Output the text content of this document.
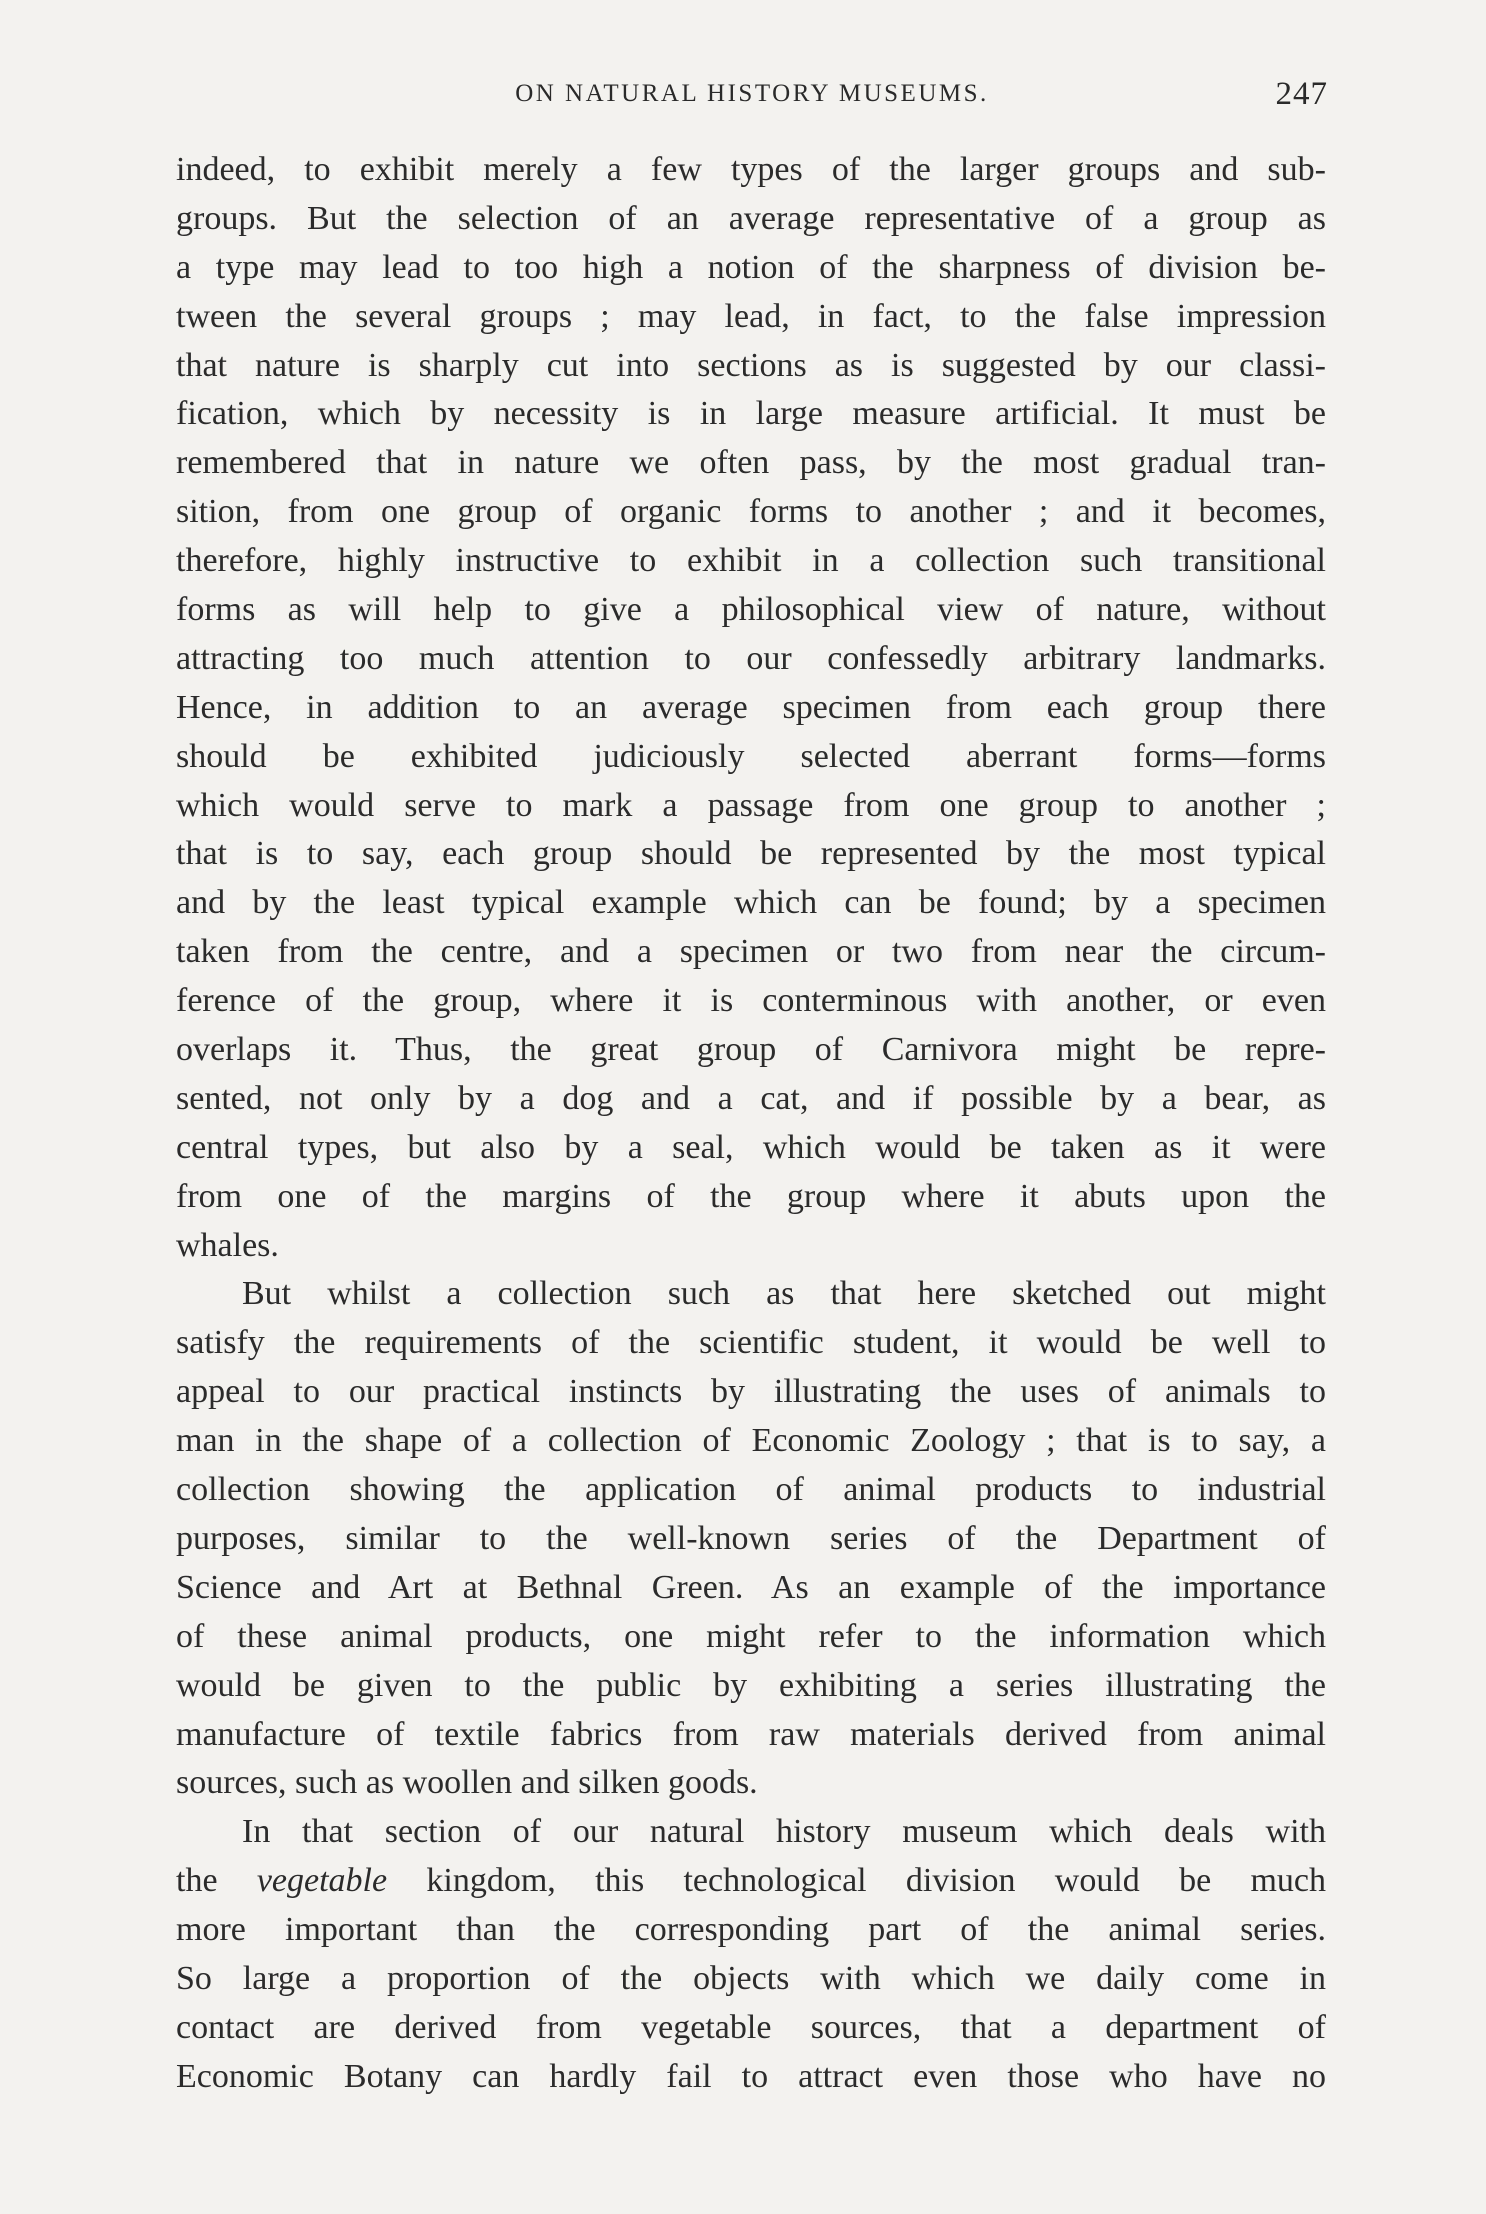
ON NATURAL HISTORY MUSEUMS.	247
indeed, to exhibit merely a few types of the larger groups and sub-
groups. But the selection of an average representative of a group as
a type may lead to too high a notion of the sharpness of division be-
tween the several groups ; may lead, in fact, to the false impression
that nature is sharply cut into sections as is suggested by our classi-
fication, which by necessity is in large measure artificial. It must be
remembered that in nature we often pass, by the most gradual tran-
sition, from one group of organic forms to another ; and it becomes,
therefore, highly instructive to exhibit in a collection such transitional
forms as will help to give a philosophical view of nature, without
attracting too much attention to our confessedly arbitrary landmarks.
Hence, in addition to an average specimen from each group there
should be exhibited judiciously selected aberrant forms—forms
which would serve to mark a passage from one group to another ;
that is to say, each group should be represented by the most typical
and by the least typical example which can be found; by a specimen
taken from the centre, and a specimen or two from near the circum-
ference of the group, where it is conterminous with another, or even
overlaps it. Thus, the great group of Carnivora might be repre-
sented, not only by a dog and a cat, and if possible by a bear, as
central types, but also by a seal, which would be taken as it were
from one of the margins of the group where it abuts upon the
whales.
But whilst a collection such as that here sketched out might
satisfy the requirements of the scientific student, it would be well to
appeal to our practical instincts by illustrating the uses of animals to
man in the shape of a collection of Economic Zoology ; that is to say, a
collection showing the application of animal products to industrial
purposes, similar to the well-known series of the Department of
Science and Art at Bethnal Green. As an example of the importance
of these animal products, one might refer to the information which
would be given to the public by exhibiting a series illustrating the
manufacture of textile fabrics from raw materials derived from animal
sources, such as woollen and silken goods.
In that section of our natural history museum which deals with
the vegetable kingdom, this technological division would be much
more important than the corresponding part of the animal series.
So large a proportion of the objects with which we daily come in
contact are derived from vegetable sources, that a department of
Economic Botany can hardly fail to attract even those who have no
